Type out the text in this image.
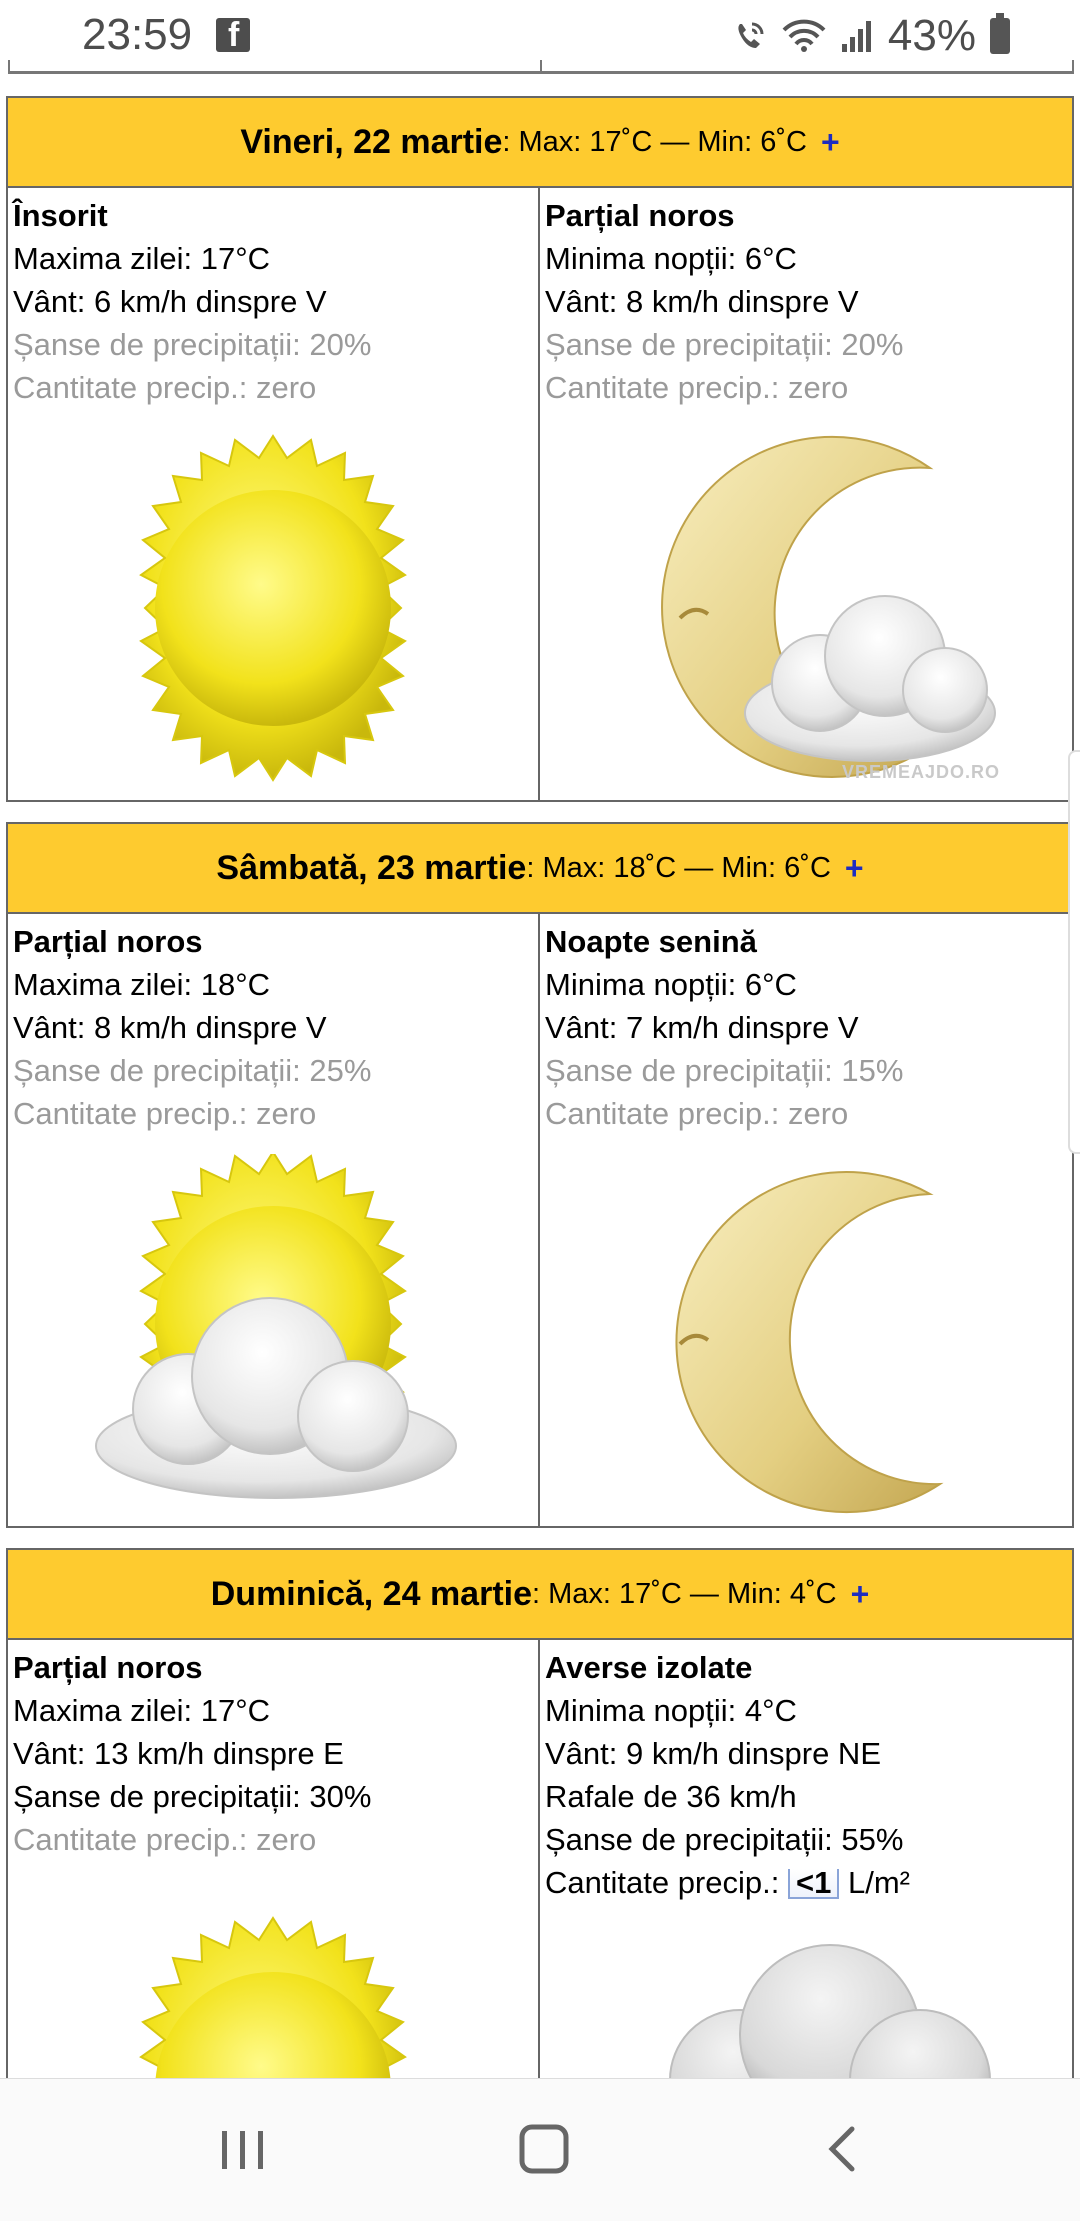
23:59 f	43%
Vineri, 22 martie : Max: 17˚C — Min: 6˚C +
Însorit
Maxima zilei: 17°C
Vânt: 6 km/h dinspre V
Șanse de precipitații: 20%
Cantitate precip.: zero
Parțial noros
Minima nopții: 6°C
Vânt: 8 km/h dinspre V
Șanse de precipitații: 20%
Cantitate precip.: zero
VREMEAJDO.RO
Sâmbată, 23 martie : Max: 18˚C — Min: 6˚C +
Parțial noros
Maxima zilei: 18°C
Vânt: 8 km/h dinspre V
Șanse de precipitații: 25%
Cantitate precip.: zero
Noapte senină
Minima nopții: 6°C
Vânt: 7 km/h dinspre V
Șanse de precipitații: 15%
Cantitate precip.: zero
Duminică, 24 martie : Max: 17˚C — Min: 4˚C +
Parțial noros
Maxima zilei: 17°C
Vânt: 13 km/h dinspre E
Șanse de precipitații: 30%
Cantitate precip.: zero
Averse izolate
Minima nopții: 4°C
Vânt: 9 km/h dinspre NE
Rafale de 36 km/h
Șanse de precipitații: 55%
Cantitate precip.: <1 L/m²
